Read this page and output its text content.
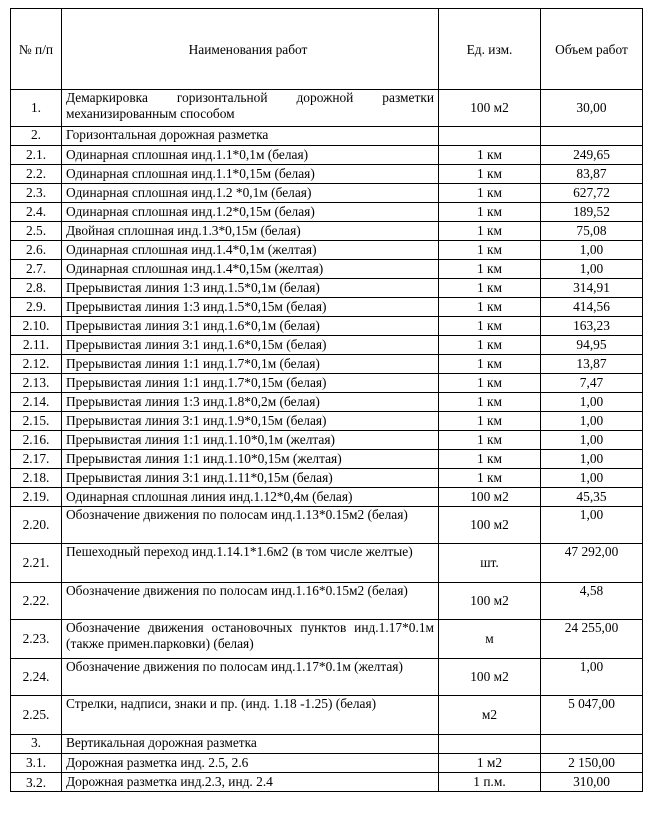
№ п/п	Наименования работ	Ед. изм.	Объем работ
1.	Демаркировка горизонтальной дорожной разметки механизированным способом	100 м2	30,00
2.	Горизонтальная дорожная разметка		
2.1.	Одинарная сплошная инд.1.1*0,1м (белая)	1 км	249,65
2.2.	Одинарная сплошная инд.1.1*0,15м (белая)	1 км	83,87
2.3.	Одинарная сплошная инд.1.2 *0,1м (белая)	1 км	627,72
2.4.	Одинарная сплошная инд.1.2*0,15м (белая)	1 км	189,52
2.5.	Двойная сплошная инд.1.3*0,15м (белая)	1 км	75,08
2.6.	Одинарная сплошная инд.1.4*0,1м (желтая)	1 км	1,00
2.7.	Одинарная сплошная инд.1.4*0,15м (желтая)	1 км	1,00
2.8.	Прерывистая линия 1:3 инд.1.5*0,1м (белая)	1 км	314,91
2.9.	Прерывистая линия 1:3 инд.1.5*0,15м (белая)	1 км	414,56
2.10.	Прерывистая линия 3:1 инд.1.6*0,1м (белая)	1 км	163,23
2.11.	Прерывистая линия 3:1 инд.1.6*0,15м (белая)	1 км	94,95
2.12.	Прерывистая линия 1:1 инд.1.7*0,1м (белая)	1 км	13,87
2.13.	Прерывистая линия 1:1 инд.1.7*0,15м (белая)	1 км	7,47
2.14.	Прерывистая линия 1:3 инд.1.8*0,2м (белая)	1 км	1,00
2.15.	Прерывистая линия 3:1 инд.1.9*0,15м (белая)	1 км	1,00
2.16.	Прерывистая линия 1:1 инд.1.10*0,1м (желтая)	1 км	1,00
2.17.	Прерывистая линия 1:1 инд.1.10*0,15м (желтая)	1 км	1,00
2.18.	Прерывистая линия 3:1 инд.1.11*0,15м (белая)	1 км	1,00
2.19.	Одинарная сплошная линия инд.1.12*0,4м (белая)	100 м2	45,35
2.20.	Обозначение движения по полосам инд.1.13*0.15м2 (белая)	100 м2	1,00
2.21.	Пешеходный переход инд.1.14.1*1.6м2 (в том числе желтые)	шт.	47 292,00
2.22.	Обозначение движения по полосам инд.1.16*0.15м2 (белая)	100 м2	4,58
2.23.	Обозначение движения остановочных пунктов инд.1.17*0.1м (также примен.парковки) (белая)	м	24 255,00
2.24.	Обозначение движения по полосам инд.1.17*0.1м (желтая)	100 м2	1,00
2.25.	Стрелки, надписи, знаки и пр. (инд. 1.18 -1.25) (белая)	м2	5 047,00
3.	Вертикальная дорожная разметка		
3.1.	Дорожная разметка инд. 2.5, 2.6	1 м2	2 150,00
3.2.	Дорожная разметка инд.2.3, инд. 2.4	1 п.м.	310,00
